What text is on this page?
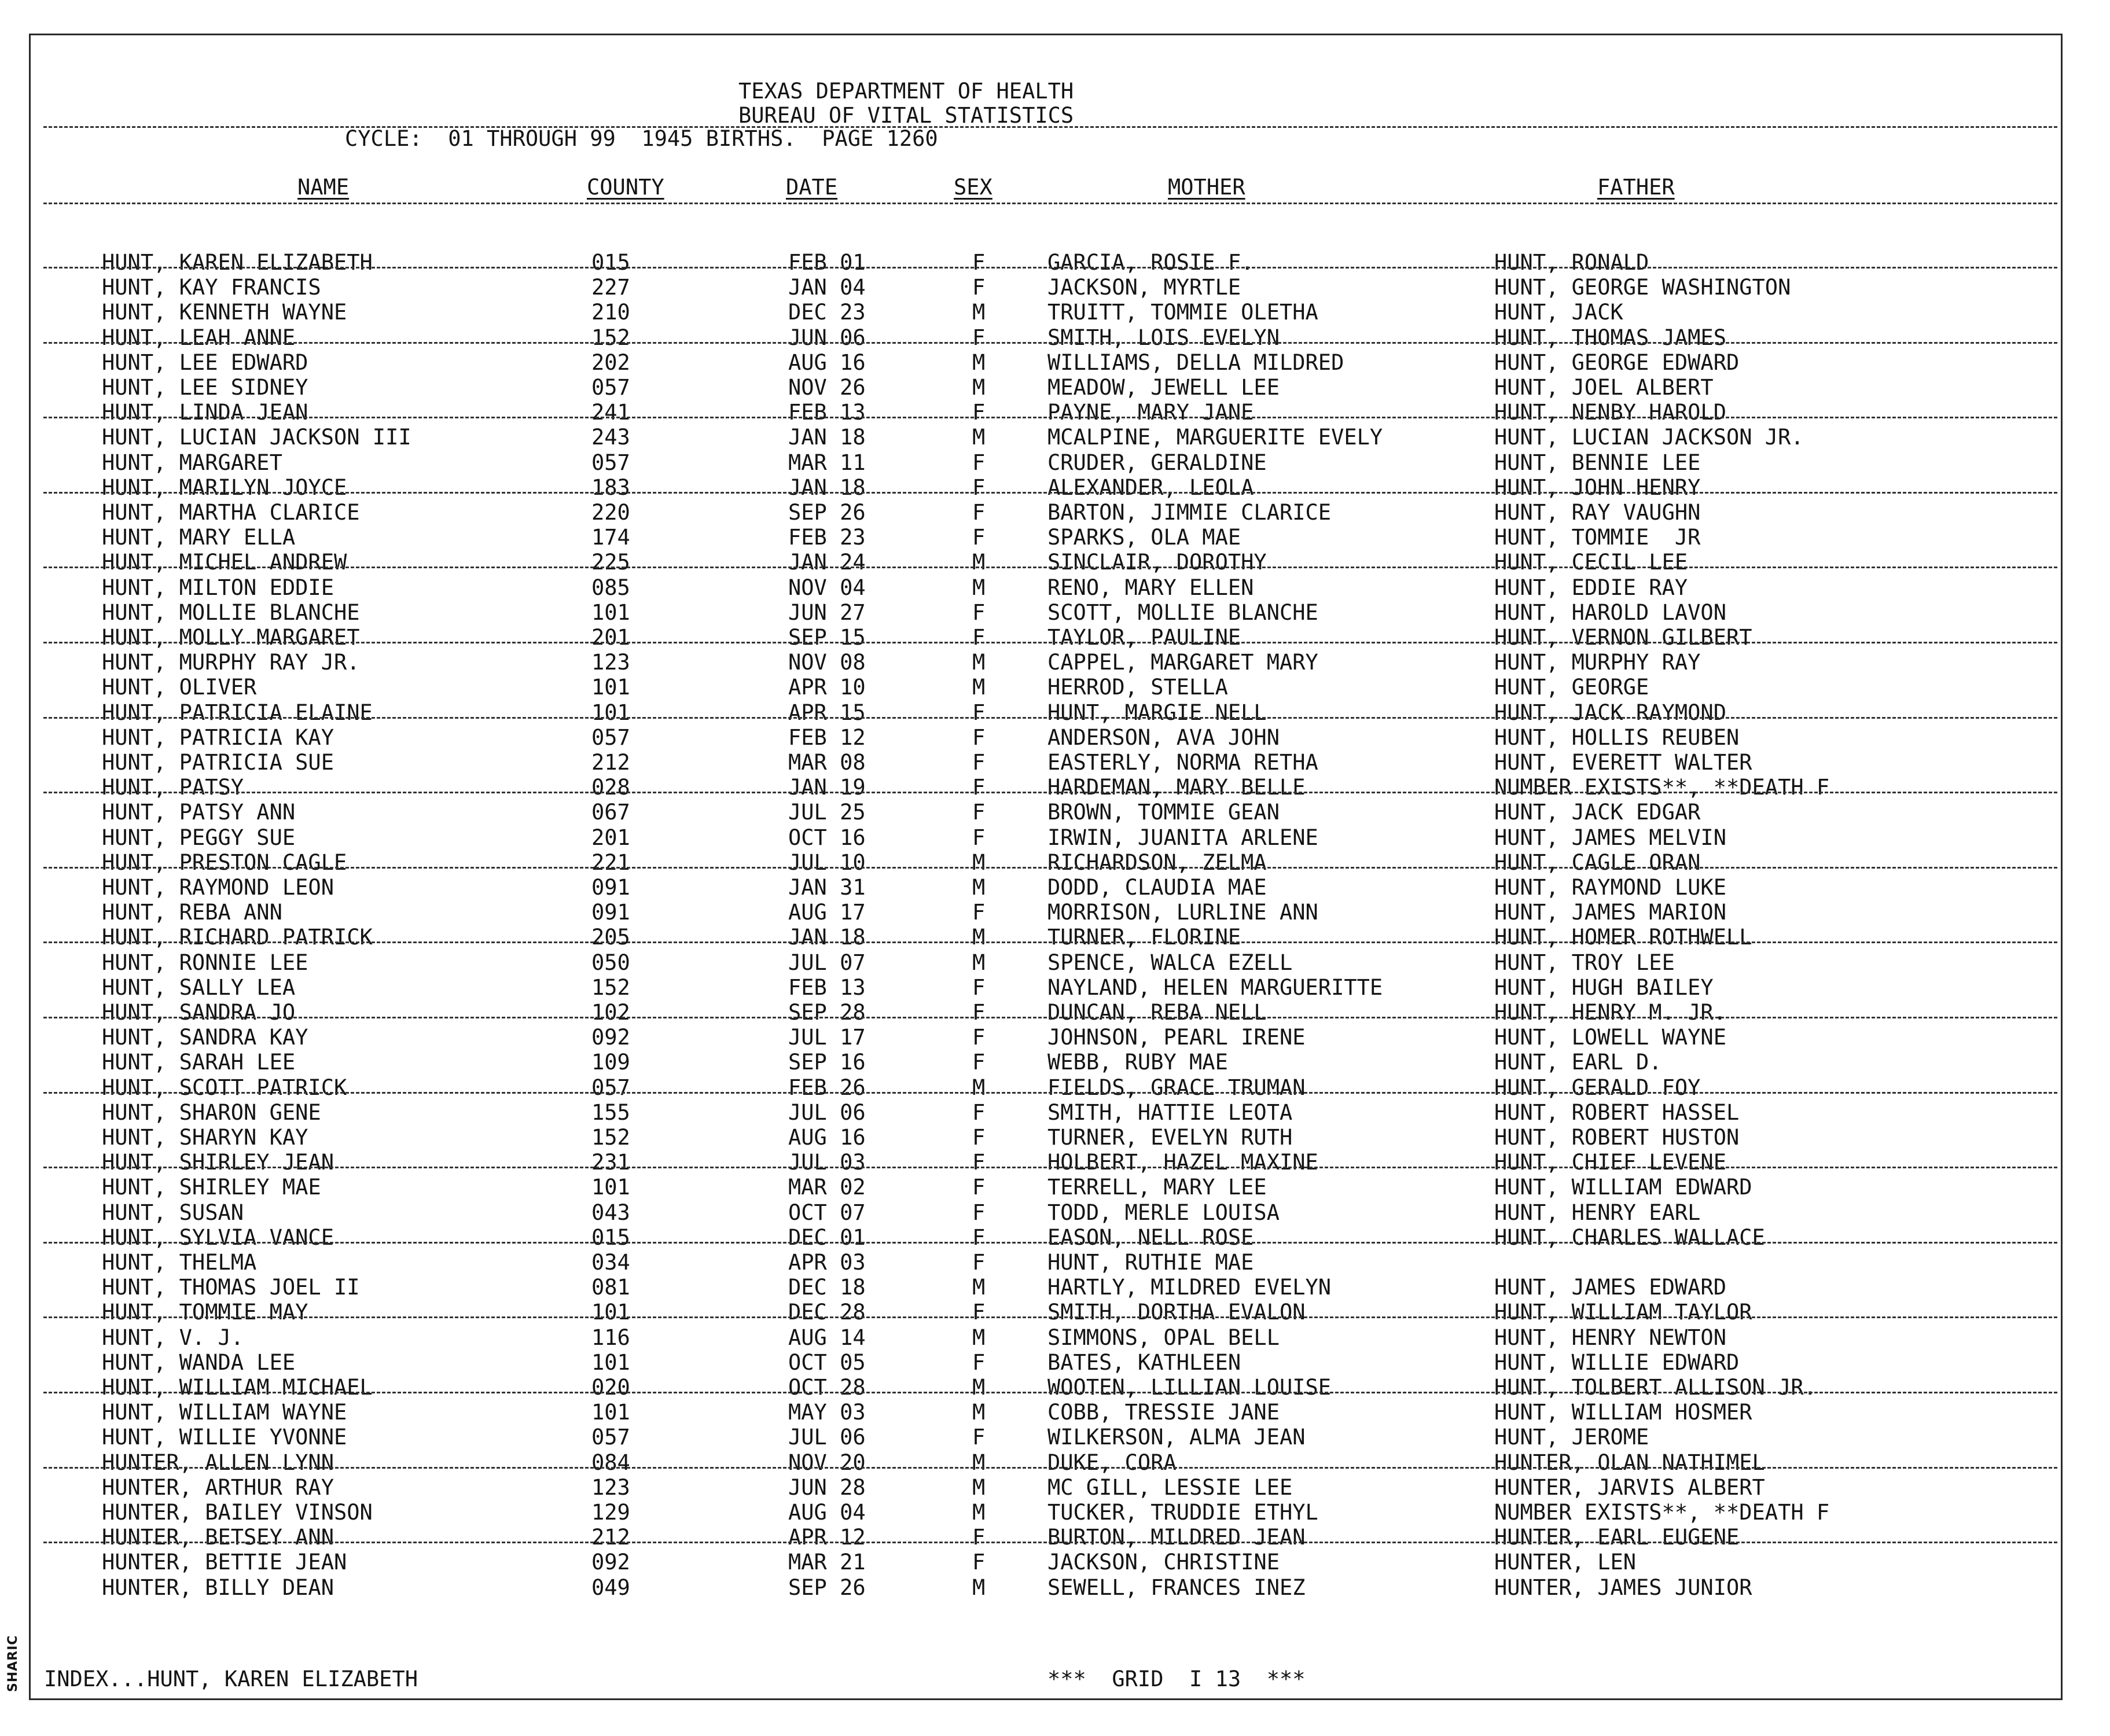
SHARIC
TEXAS DEPARTMENT OF HEALTH
BUREAU OF VITAL STATISTICS
CYCLE:  01 THROUGH 99  1945 BIRTHS.  PAGE 1260
NAME	COUNTY	DATE	SEX	MOTHER	FATHER
HUNT, KAREN ELIZABETH	015	FEB 01	F	GARCIA, ROSIE F.	HUNT, RONALD
HUNT, KAY FRANCIS	227	JAN 04	F	JACKSON, MYRTLE	HUNT, GEORGE WASHINGTON
HUNT, KENNETH WAYNE	210	DEC 23	M	TRUITT, TOMMIE OLETHA	HUNT, JACK
HUNT, LEAH ANNE	152	JUN 06	F	SMITH, LOIS EVELYN	HUNT, THOMAS JAMES
HUNT, LEE EDWARD	202	AUG 16	M	WILLIAMS, DELLA MILDRED	HUNT, GEORGE EDWARD
HUNT, LEE SIDNEY	057	NOV 26	M	MEADOW, JEWELL LEE	HUNT, JOEL ALBERT
HUNT, LINDA JEAN	241	FEB 13	F	PAYNE, MARY JANE	HUNT, NENBY HAROLD
HUNT, LUCIAN JACKSON III	243	JAN 18	M	MCALPINE, MARGUERITE EVELY	HUNT, LUCIAN JACKSON JR.
HUNT, MARGARET	057	MAR 11	F	CRUDER, GERALDINE	HUNT, BENNIE LEE
HUNT, MARILYN JOYCE	183	JAN 18	F	ALEXANDER, LEOLA	HUNT, JOHN HENRY
HUNT, MARTHA CLARICE	220	SEP 26	F	BARTON, JIMMIE CLARICE	HUNT, RAY VAUGHN
HUNT, MARY ELLA	174	FEB 23	F	SPARKS, OLA MAE	HUNT, TOMMIE  JR
HUNT, MICHEL ANDREW	225	JAN 24	M	SINCLAIR, DOROTHY	HUNT, CECIL LEE
HUNT, MILTON EDDIE	085	NOV 04	M	RENO, MARY ELLEN	HUNT, EDDIE RAY
HUNT, MOLLIE BLANCHE	101	JUN 27	F	SCOTT, MOLLIE BLANCHE	HUNT, HAROLD LAVON
HUNT, MOLLY MARGARET	201	SEP 15	F	TAYLOR, PAULINE	HUNT, VERNON GILBERT
HUNT, MURPHY RAY JR.	123	NOV 08	M	CAPPEL, MARGARET MARY	HUNT, MURPHY RAY
HUNT, OLIVER	101	APR 10	M	HERROD, STELLA	HUNT, GEORGE
HUNT, PATRICIA ELAINE	101	APR 15	F	HUNT, MARGIE NELL	HUNT, JACK RAYMOND
HUNT, PATRICIA KAY	057	FEB 12	F	ANDERSON, AVA JOHN	HUNT, HOLLIS REUBEN
HUNT, PATRICIA SUE	212	MAR 08	F	EASTERLY, NORMA RETHA	HUNT, EVERETT WALTER
HUNT, PATSY	028	JAN 19	F	HARDEMAN, MARY BELLE	NUMBER EXISTS**, **DEATH F
HUNT, PATSY ANN	067	JUL 25	F	BROWN, TOMMIE GEAN	HUNT, JACK EDGAR
HUNT, PEGGY SUE	201	OCT 16	F	IRWIN, JUANITA ARLENE	HUNT, JAMES MELVIN
HUNT, PRESTON CAGLE	221	JUL 10	M	RICHARDSON, ZELMA	HUNT, CAGLE ORAN
HUNT, RAYMOND LEON	091	JAN 31	M	DODD, CLAUDIA MAE	HUNT, RAYMOND LUKE
HUNT, REBA ANN	091	AUG 17	F	MORRISON, LURLINE ANN	HUNT, JAMES MARION
HUNT, RICHARD PATRICK	205	JAN 18	M	TURNER, FLORINE	HUNT, HOMER ROTHWELL
HUNT, RONNIE LEE	050	JUL 07	M	SPENCE, WALCA EZELL	HUNT, TROY LEE
HUNT, SALLY LEA	152	FEB 13	F	NAYLAND, HELEN MARGUERITTE	HUNT, HUGH BAILEY
HUNT, SANDRA JO	102	SEP 28	F	DUNCAN, REBA NELL	HUNT, HENRY M. JR.
HUNT, SANDRA KAY	092	JUL 17	F	JOHNSON, PEARL IRENE	HUNT, LOWELL WAYNE
HUNT, SARAH LEE	109	SEP 16	F	WEBB, RUBY MAE	HUNT, EARL D.
HUNT, SCOTT PATRICK	057	FEB 26	M	FIELDS, GRACE TRUMAN	HUNT, GERALD FOY
HUNT, SHARON GENE	155	JUL 06	F	SMITH, HATTIE LEOTA	HUNT, ROBERT HASSEL
HUNT, SHARYN KAY	152	AUG 16	F	TURNER, EVELYN RUTH	HUNT, ROBERT HUSTON
HUNT, SHIRLEY JEAN	231	JUL 03	F	HOLBERT, HAZEL MAXINE	HUNT, CHIEF LEVENE
HUNT, SHIRLEY MAE	101	MAR 02	F	TERRELL, MARY LEE	HUNT, WILLIAM EDWARD
HUNT, SUSAN	043	OCT 07	F	TODD, MERLE LOUISA	HUNT, HENRY EARL
HUNT, SYLVIA VANCE	015	DEC 01	F	EASON, NELL ROSE	HUNT, CHARLES WALLACE
HUNT, THELMA	034	APR 03	F	HUNT, RUTHIE MAE
HUNT, THOMAS JOEL II	081	DEC 18	M	HARTLY, MILDRED EVELYN	HUNT, JAMES EDWARD
HUNT, TOMMIE MAY	101	DEC 28	F	SMITH, DORTHA EVALON	HUNT, WILLIAM TAYLOR
HUNT, V. J.	116	AUG 14	M	SIMMONS, OPAL BELL	HUNT, HENRY NEWTON
HUNT, WANDA LEE	101	OCT 05	F	BATES, KATHLEEN	HUNT, WILLIE EDWARD
HUNT, WILLIAM MICHAEL	020	OCT 28	M	WOOTEN, LILLIAN LOUISE	HUNT, TOLBERT ALLISON JR.
HUNT, WILLIAM WAYNE	101	MAY 03	M	COBB, TRESSIE JANE	HUNT, WILLIAM HOSMER
HUNT, WILLIE YVONNE	057	JUL 06	F	WILKERSON, ALMA JEAN	HUNT, JEROME
HUNTER, ALLEN LYNN	084	NOV 20	M	DUKE, CORA	HUNTER, OLAN NATHIMEL
HUNTER, ARTHUR RAY	123	JUN 28	M	MC GILL, LESSIE LEE	HUNTER, JARVIS ALBERT
HUNTER, BAILEY VINSON	129	AUG 04	M	TUCKER, TRUDDIE ETHYL	NUMBER EXISTS**, **DEATH F
HUNTER, BETSEY ANN	212	APR 12	F	BURTON, MILDRED JEAN	HUNTER, EARL EUGENE
HUNTER, BETTIE JEAN	092	MAR 21	F	JACKSON, CHRISTINE	HUNTER, LEN
HUNTER, BILLY DEAN	049	SEP 26	M	SEWELL, FRANCES INEZ	HUNTER, JAMES JUNIOR
INDEX...HUNT, KAREN ELIZABETH	***  GRID  I 13  ***
